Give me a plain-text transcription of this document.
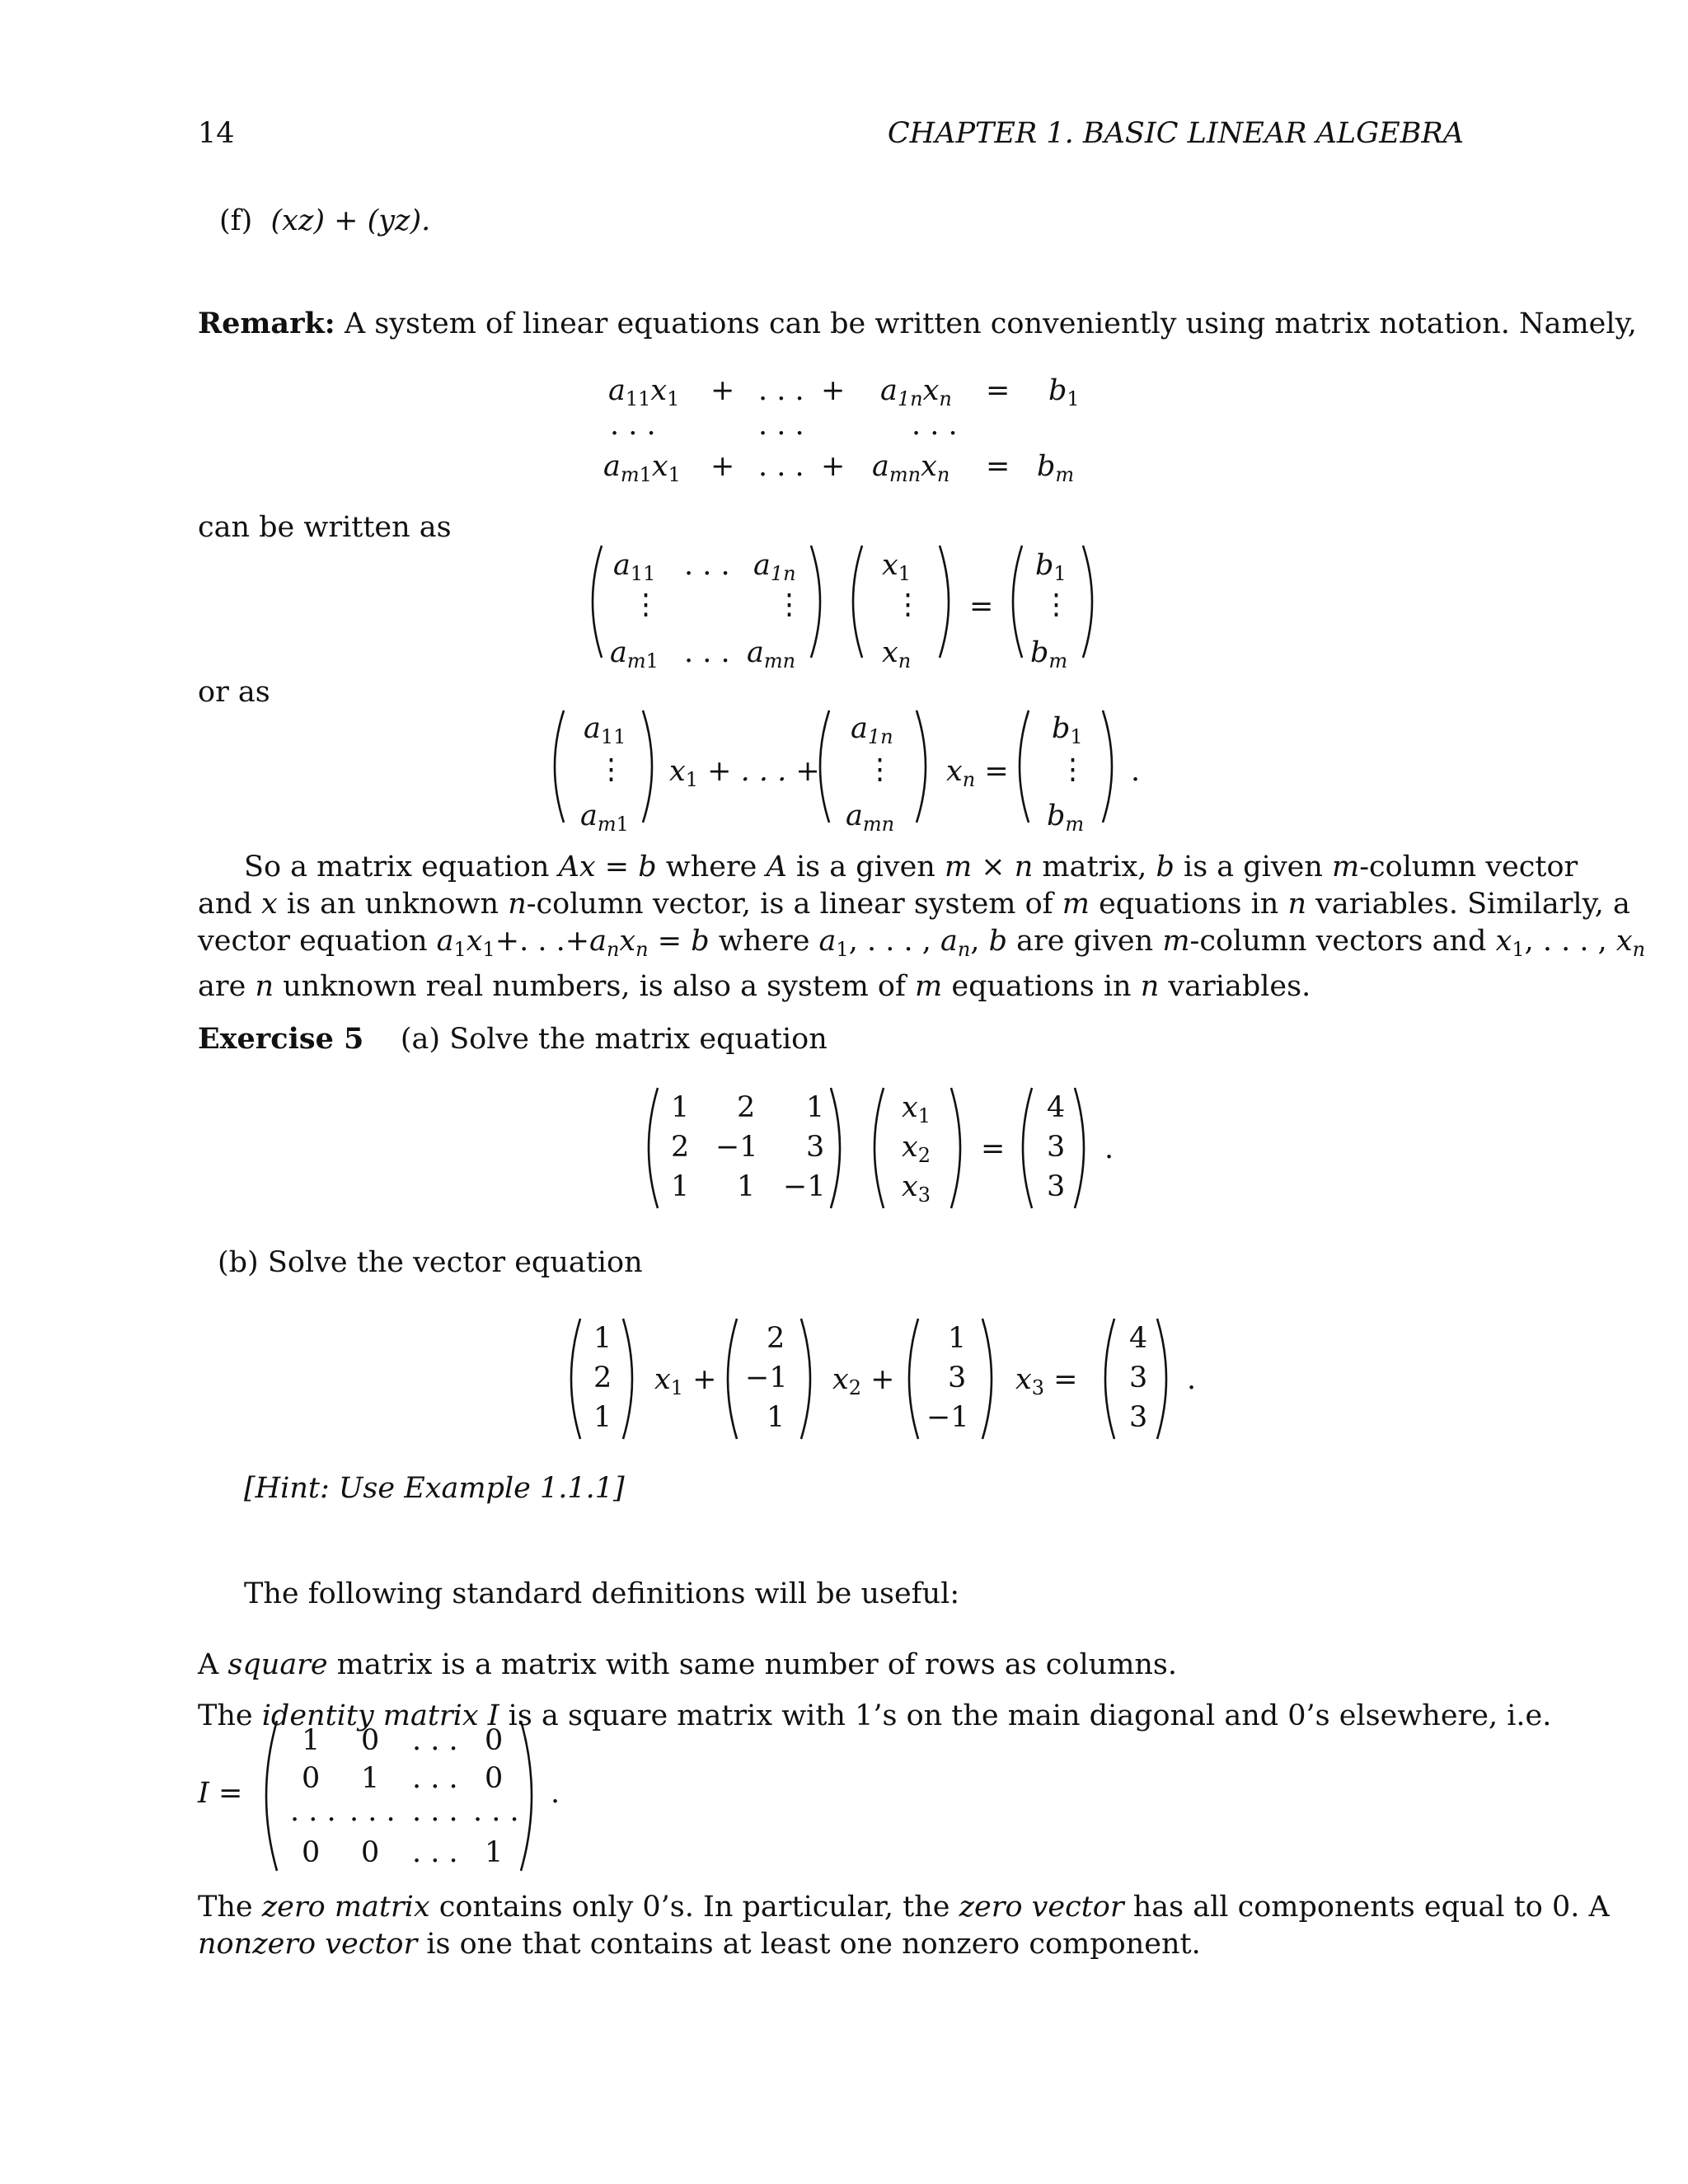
14	CHAPTER 1. BASIC LINEAR ALGEBRA
(f) (xz) + (yz).
Remark: A system of linear equations can be written conveniently using matrix notation. Namely,
$a_{11}x_1$ + . . . + $a_{1n}x_n = b_1$
. . .	. . .	. . .
$a_{m1}x_1$ + . . . + $a_{mn}x_n = b_m$
can be written as
$a_{11}$ . . . $a_{1n}$
⋮	⋮
$a_{m1}$ . . . $a_{mn}$
$x_1$
⋮
$x_n$
=
$b_1$
⋮
$b_m$
or as
$a_{11}$
⋮
$a_{m1}$
$x_1$ + . . . +
$a_{1n}$
⋮
$a_{mn}$
$x_n$ =
$b_1$
⋮
$b_m$
.
So a matrix equation Ax = b where A is a given m × n matrix, b is a given m-column vector
and x is an unknown n-column vector, is a linear system of m equations in n variables. Similarly, a
vector equation $a_1x_1+$. . $.+a_nx_n = b$ where $a_1$, . . . , $a_n$, b are given m-column vectors and $x_1$, . . . , $x_n$
are n unknown real numbers, is also a system of m equations in n variables.
Exercise 5 (a) Solve the matrix equation
1 2 1
2 −1 3
1 1 −1
$x_1$
$x_2$
$x_3$
=
4
3
3
.
(b) Solve the vector equation
1
2
1
$x_1$ +
2
−1
1
$x_2$ +
1
3
−1
$x_3$ =
4
3
3
.
[Hint: Use Example 1.1.1]
The following standard definitions will be useful:
A square matrix is a matrix with same number of rows as columns.
The identity matrix I is a square matrix with 1’s on the main diagonal and 0’s elsewhere, i.e.
I =
1 0 . . . 0
0 1 . . . 0
. . . . . . . . . . . .
0 0 . . . 1
.
The zero matrix contains only 0’s. In particular, the zero vector has all components equal to 0. A
nonzero vector is one that contains at least one nonzero component.
